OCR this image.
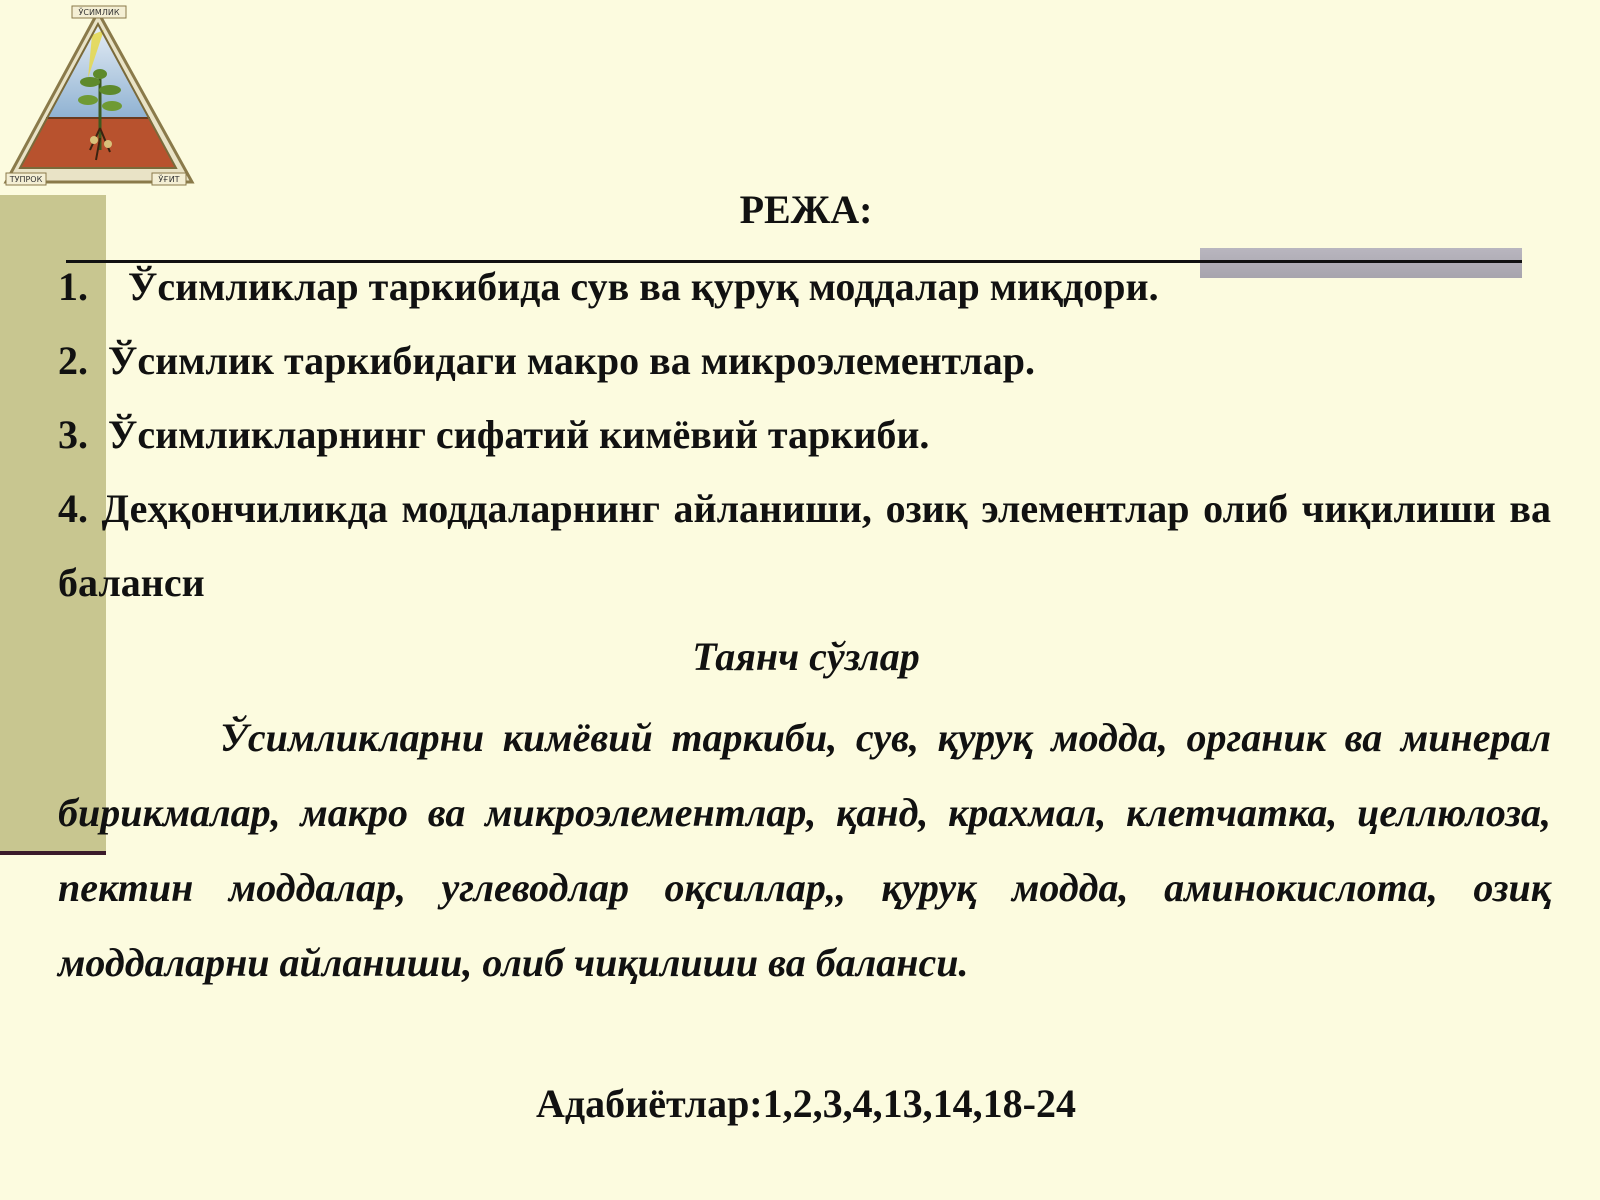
ЎСИМЛИК
ТУПРОК	ЎҒИТ
РЕЖА:
1. Ўсимликлар таркибида сув ва қуруқ моддалар миқдори.
2. Ўсимлик таркибидаги макро ва микроэлементлар.
3. Ўсимликларнинг сифатий кимёвий таркиби.
4. Деҳқончиликда моддаларнинг айланиши, озиқ элементлар олиб чиқилиши ва баланси
Таянч сўзлар
Ўсимликларни кимёвий таркиби, сув, қуруқ модда, органик ва минерал бирикмалар, макро ва микроэлементлар, қанд, крахмал, клетчатка, целлюлоза, пектин моддалар, углеводлар оқсиллар,, қуруқ модда, аминокислота, озиқ моддаларни айланиши, олиб чиқилиши ва баланси.
Адабиётлар:1,2,3,4,13,14,18-24
